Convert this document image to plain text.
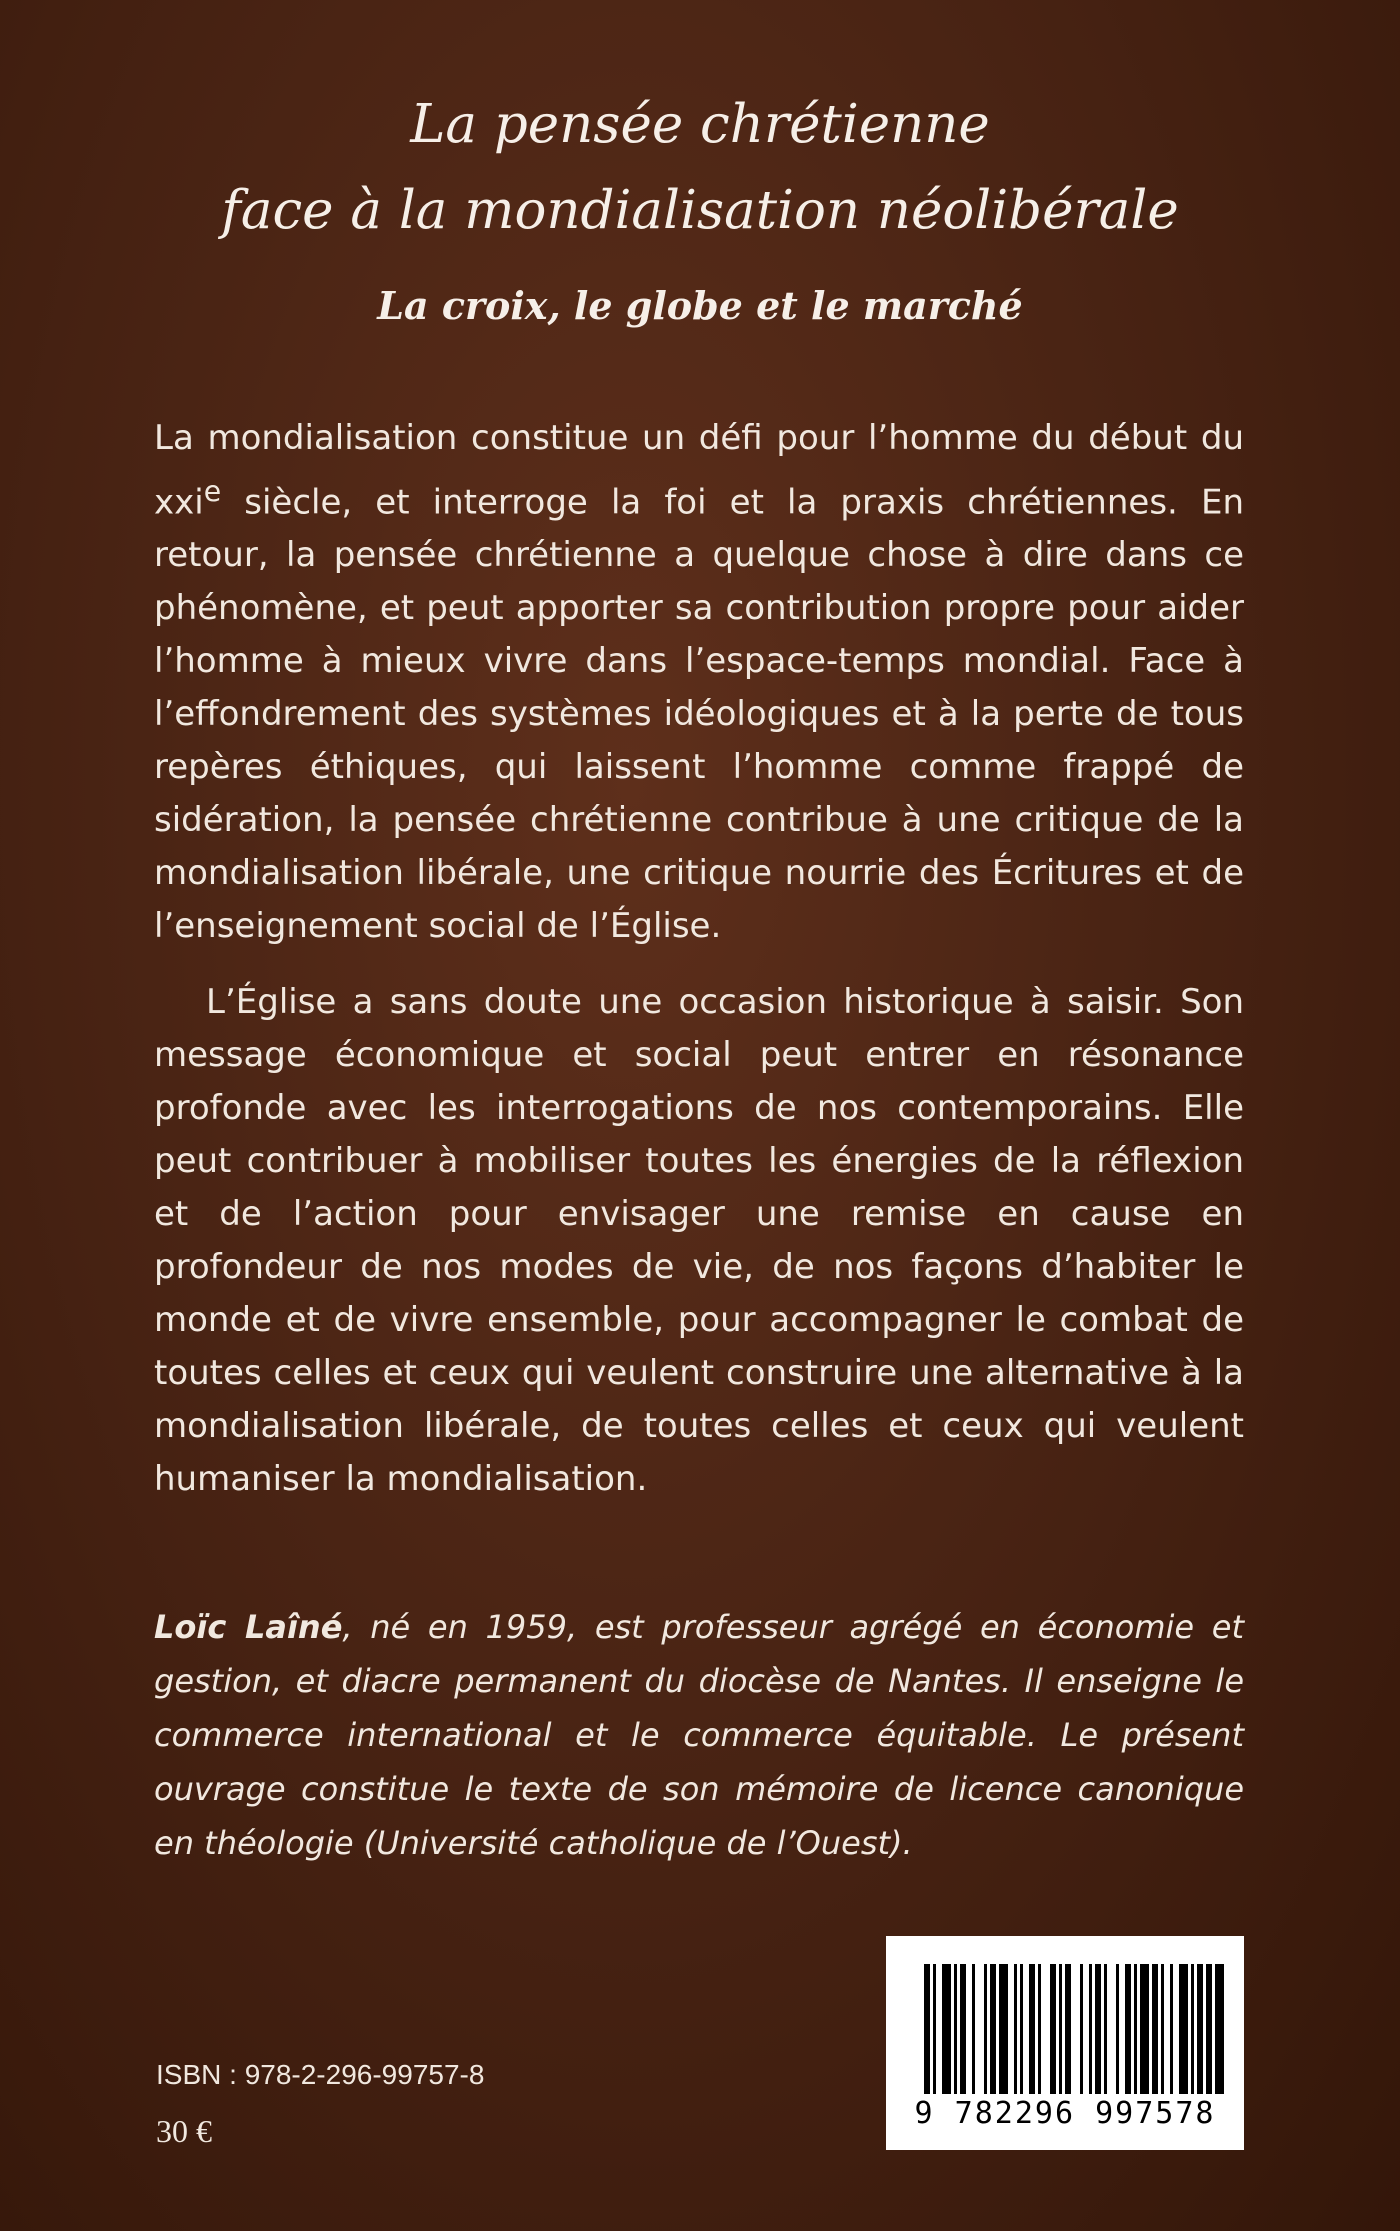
La pensée chrétienne
face à la mondialisation néolibérale
La croix, le globe et le marché

La mondialisation constitue un défi pour l’homme du début du xxi$^e$ siècle, et interroge la foi et la praxis chrétiennes. En retour, la pensée chrétienne a quelque chose à dire dans ce phénomène, et peut apporter sa contribution propre pour aider l’homme à mieux vivre dans l’espace-temps mondial. Face à l’effondrement des systèmes idéologiques et à la perte de tous repères éthiques, qui laissent l’homme comme frappé de sidération, la pensée chrétienne contribue à une critique de la mondialisation libérale, une critique nourrie des Écritures et de l’enseignement social de l’Église.

L’Église a sans doute une occasion historique à saisir. Son message économique et social peut entrer en résonance profonde avec les interrogations de nos contemporains. Elle peut contribuer à mobiliser toutes les énergies de la réflexion et de l’action pour envisager une remise en cause en profondeur de nos modes de vie, de nos façons d’habiter le monde et de vivre ensemble, pour accompagner le combat de toutes celles et ceux qui veulent construire une alternative à la mondialisation libérale, de toutes celles et ceux qui veulent humaniser la mondialisation.

Loïc Laîné, né en 1959, est professeur agrégé en économie et gestion, et diacre permanent du diocèse de Nantes. Il enseigne le commerce international et le commerce équitable. Le présent ouvrage constitue le texte de son mémoire de licence canonique en théologie (Université catholique de l’Ouest).

ISBN : 978-2-296-99757-8
30 €	9 782296 997578
